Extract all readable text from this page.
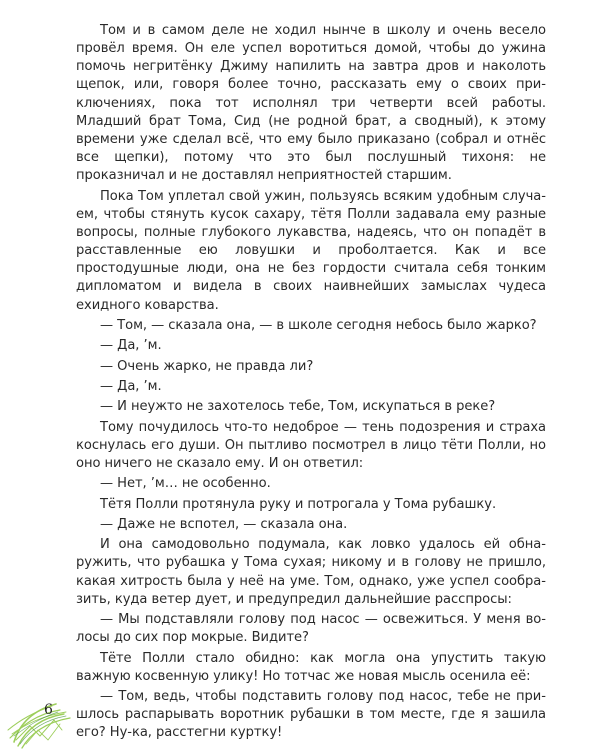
Том и в самом деле не ходил нынче в школу и очень весело провёл время. Он еле успел воротиться домой, чтобы до ужина помочь негритёнку Джиму напилить на завтра дров и наколоть щепок, или, говоря более точно, рассказать ему о своих приключениях, пока тот исполнял три четверти всей работы. Младший брат Тома, Сид (не родной брат, а сводный), к этому времени уже сделал всё, что ему было приказано (собрал и отнёс все щепки), потому что это был послушный тихоня: не проказничал и не доставлял неприятностей старшим.

Пока Том уплетал свой ужин, пользуясь всяким удобным случаем, чтобы стянуть кусок сахару, тётя Полли задавала ему разные вопросы, полные глубокого лукавства, надеясь, что он попадёт в расставленные ею ловушки и проболтается. Как и все простодушные люди, она не без гордости считала себя тонким дипломатом и видела в своих наивнейших замыслах чудеса ехидного коварства.

— Том, — сказала она, — в школе сегодня небось было жарко?

— Да, ’м.

— Очень жарко, не правда ли?

— Да, ’м.

— И неужто не захотелось тебе, Том, искупаться в реке?

Тому почудилось что-то недоброе — тень подозрения и страха коснулась его души. Он пытливо посмотрел в лицо тёти Полли, но оно ничего не сказало ему. И он ответил:

— Нет, ’м… не особенно.

Тётя Полли протянула руку и потрогала у Тома рубашку.

— Даже не вспотел, — сказала она.

И она самодовольно подумала, как ловко удалось ей обнаружить, что рубашка у Тома сухая; никому и в голову не пришло, какая хитрость была у неё на уме. Том, однако, уже успел сообразить, куда ветер дует, и предупредил дальнейшие расспросы:

— Мы подставляли голову под насос — освежиться. У меня волосы до сих пор мокрые. Видите?

Тёте Полли стало обидно: как могла она упустить такую важную косвенную улику! Но тотчас же новая мысль осенила её:

— Том, ведь, чтобы подставить голову под насос, тебе не пришлось распарывать воротник рубашки в том месте, где я зашила его? Ну-ка, расстегни куртку!

6
